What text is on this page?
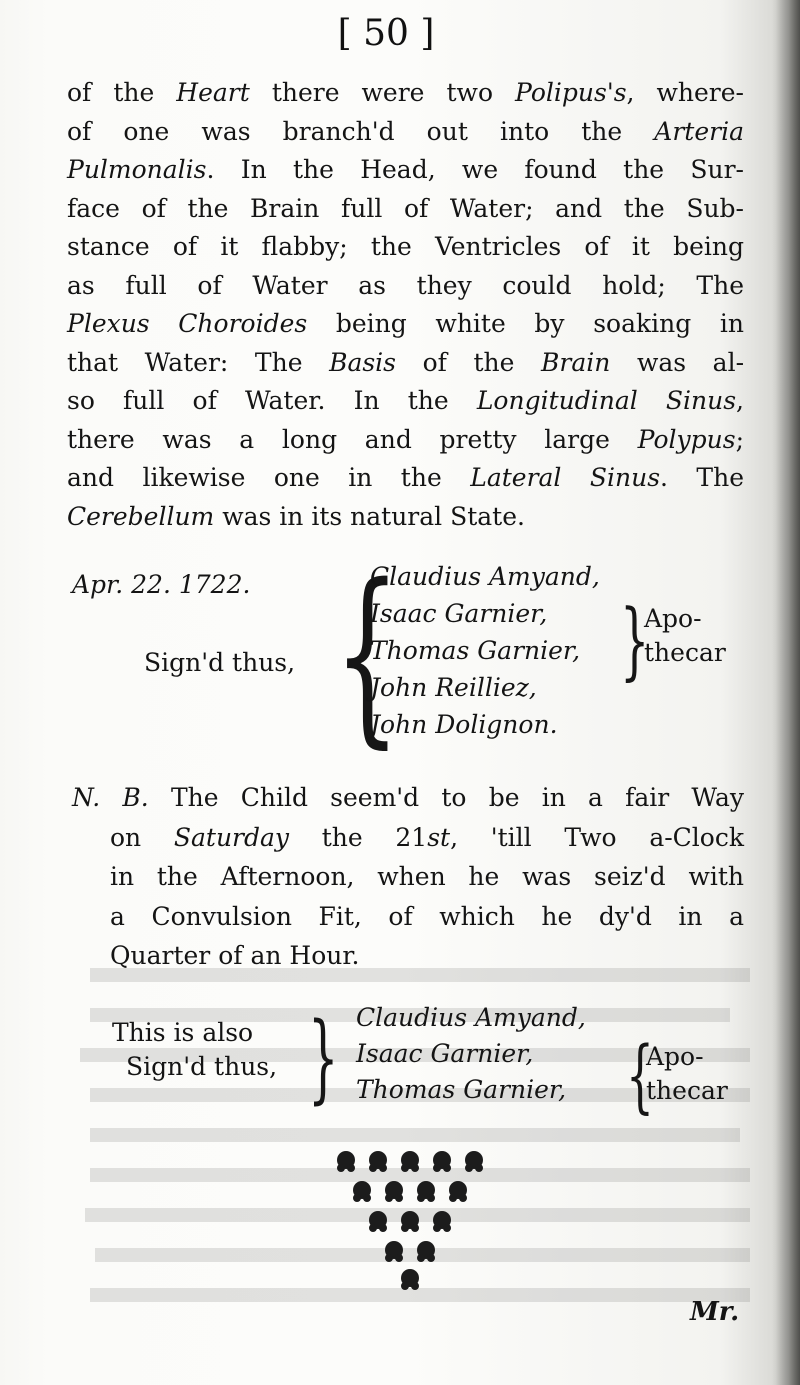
[ 50 ]
of the Heart there were two Polipus's, where-
of one was branch'd out into the Arteria
Pulmonalis. In the Head, we found the Sur-
face of the Brain full of Water; and the Sub-
stance of it flabby; the Ventricles of it being
as full of Water as they could hold; The
Plexus Choroides being white by soaking in
that Water: The Basis of the Brain was al-
so full of Water. In the Longitudinal Sinus,
there was a long and pretty large Polypus;
and likewise one in the Lateral Sinus. The
Cerebellum was in its natural State.
Apr. 22. 1722.
Sign'd thus, {
Claudius Amyand,
Isaac Garnier,
Thomas Garnier,
John Reilliez,
John Dolignon.
}
Apo-
thecar
N. B. The Child seem'd to be in a fair Way
on Saturday the 21st, 'till Two a-Clock
in the Afternoon, when he was seiz'd with
a Convulsion Fit, of which he dy'd in a
Quarter of an Hour.
This is also
Sign'd thus, } Claudius Amyand,
Isaac Garnier,
Thomas Garnier, {
Apo-
thecar
Mr.
